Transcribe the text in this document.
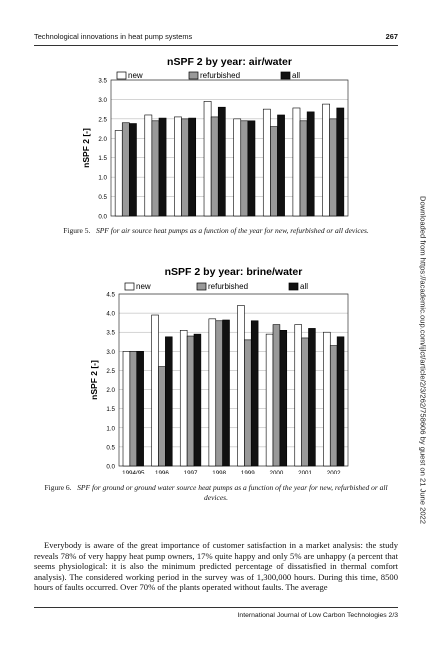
Technological innovations in heat pump systems	267
Downloaded from https://academic.oup.com/ijlct/article/2/3/262/758606 by guest on 21 June 2022
nSPF 2 by year: air/water
new	refurbished	all
0.0
0.5
1.0
1.5
2.0
2.5
3.0
3.5
nSPF 2 [-]
Figure 5. SPF for air source heat pumps as a function of the year for new, refurbished or all devices.
nSPF 2 by year: brine/water
new	refurbished	all
0.0
0.5
1.0
1.5
2.0
2.5
3.0
3.5
4.0
4.5
1994/95 1996 1997 1998 1999 2000 2001 2002
nSPF 2 [-]
Figure 6. SPF for ground or ground water source heat pumps as a function of the year for new, refurbished or all devices.

Everybody is aware of the great importance of customer satisfaction in a market analysis: the study reveals 78% of very happy heat pump owners, 17% quite happy and only 5% are unhappy (a percent that seems physiological: it is also the minimum predicted percentage of dissatisfied in thermal comfort analysis). The considered working period in the survey was of 1,300,000 hours. During this time, 8500 hours of faults occurred. Over 70% of the plants operated without faults. The average

International Journal of Low Carbon Technologies 2/3
